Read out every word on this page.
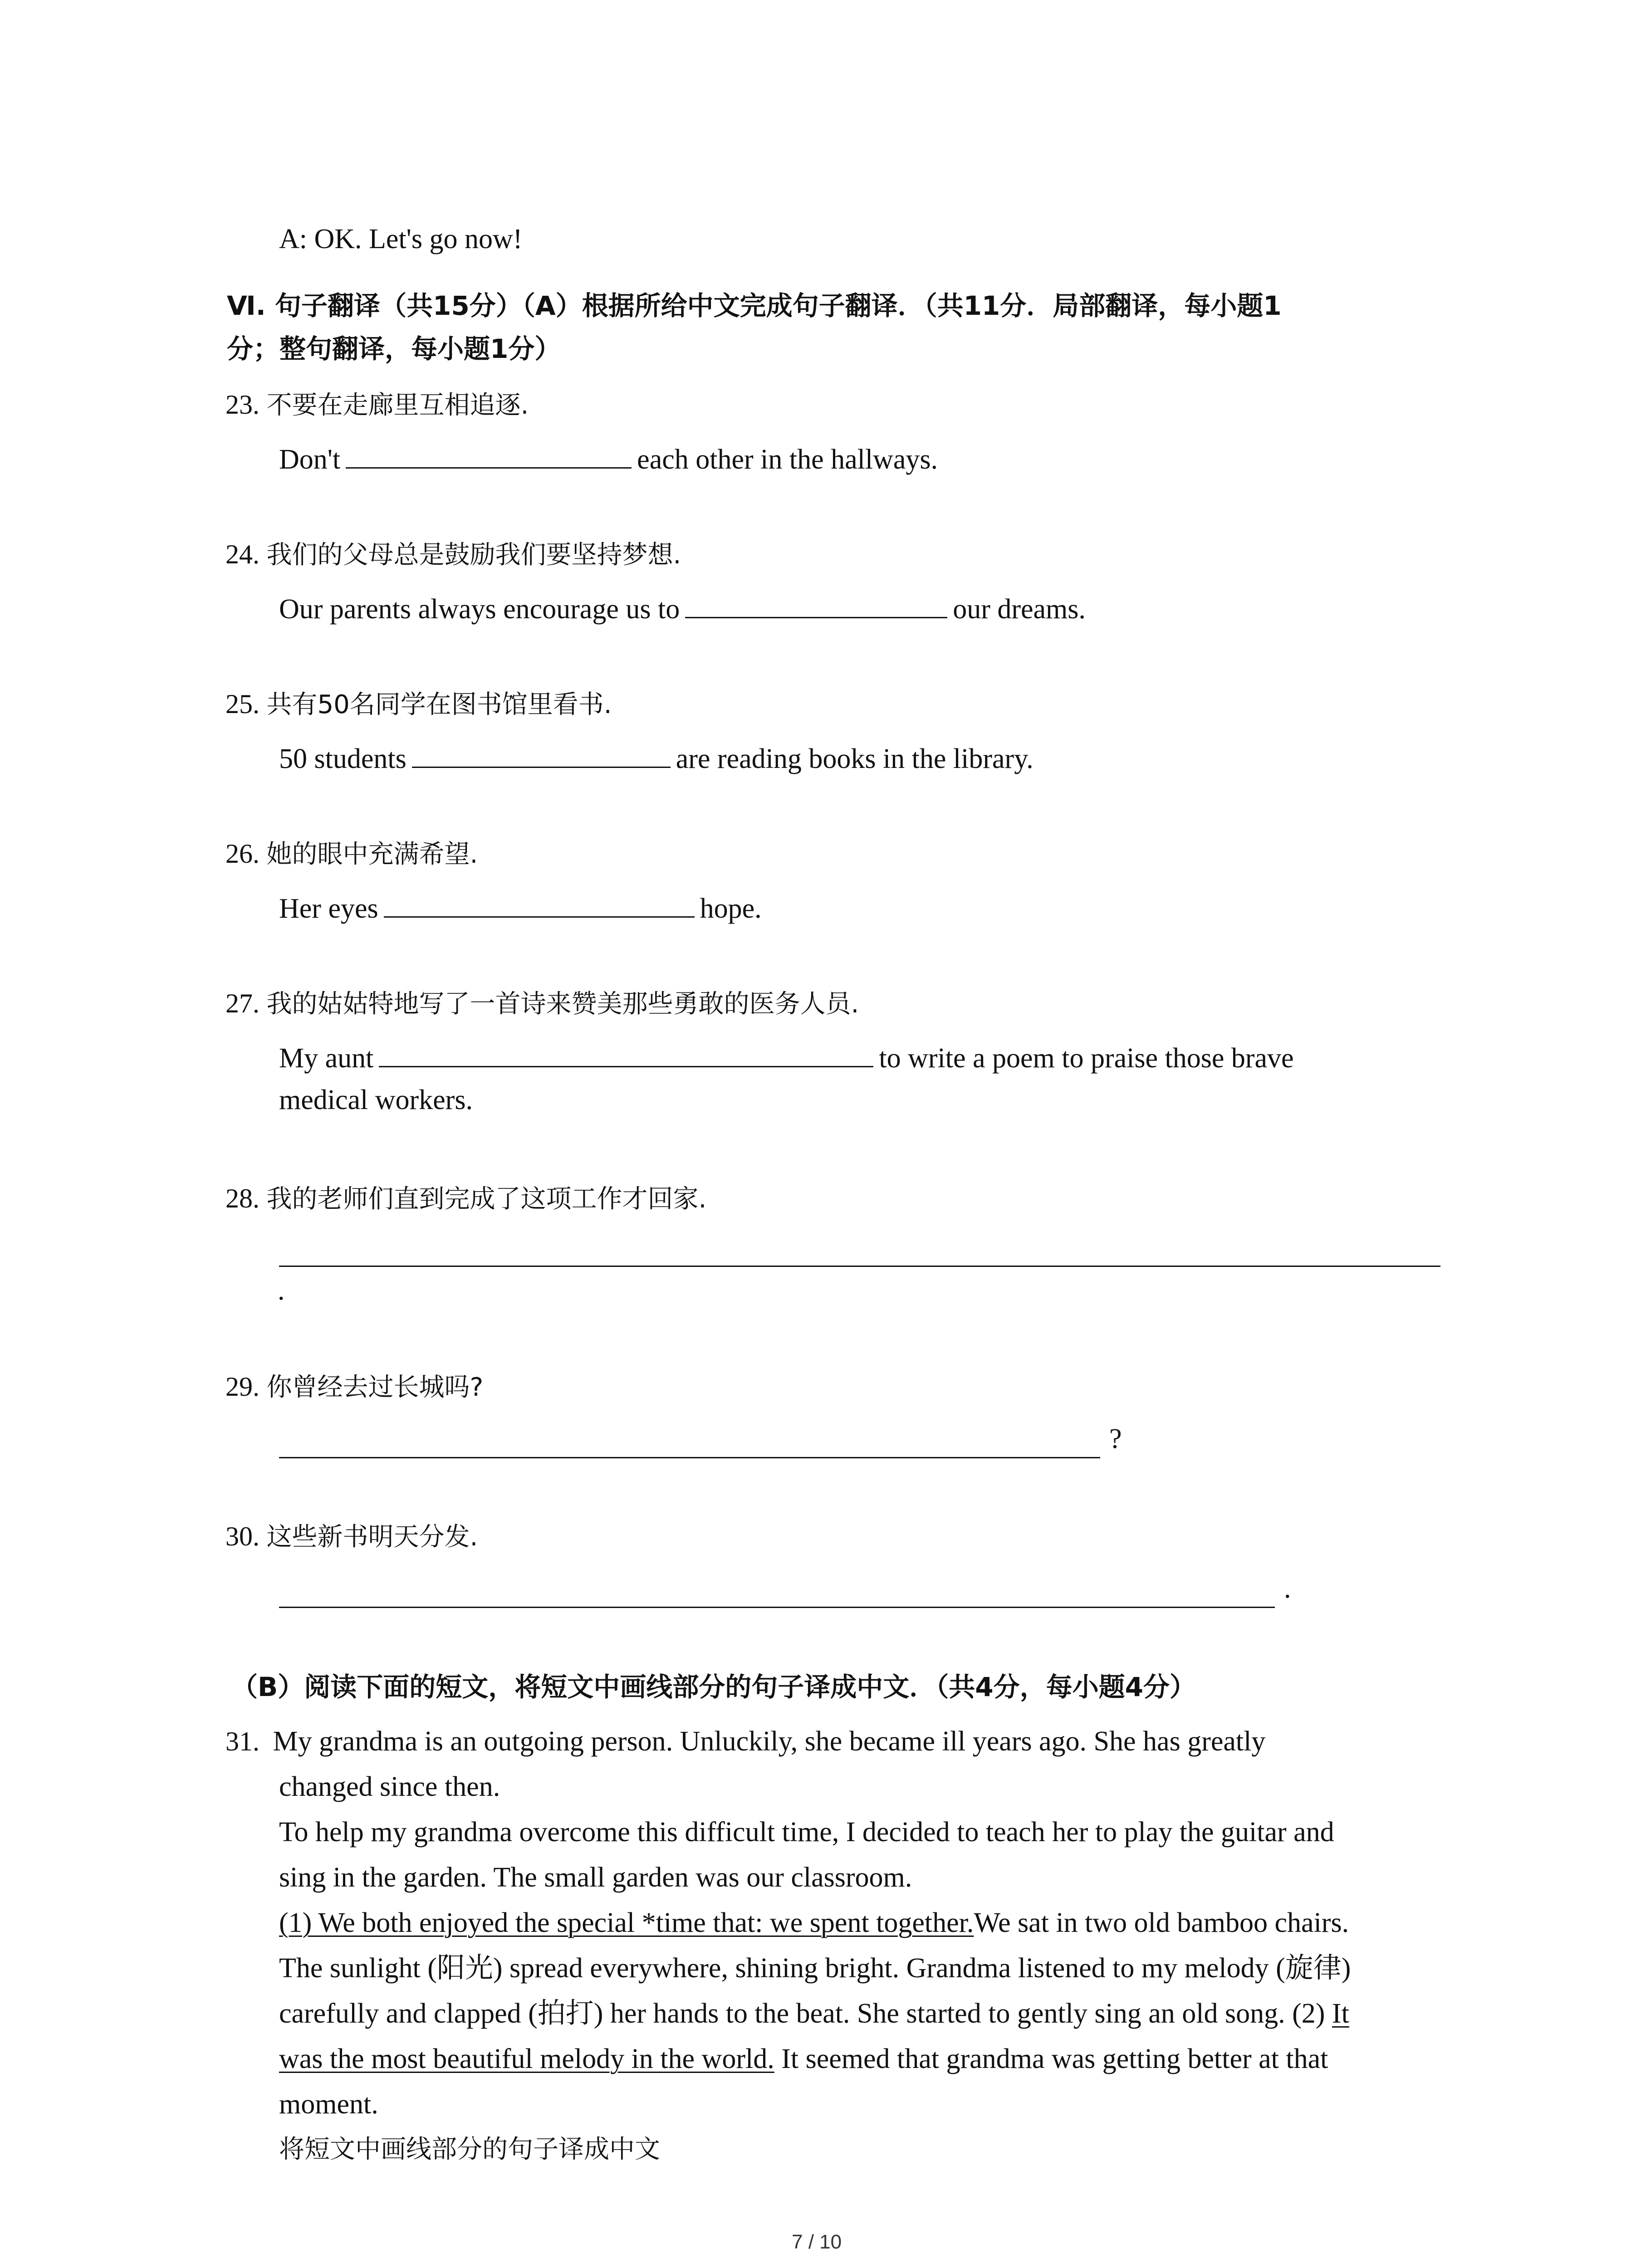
A: OK. Let's go now!
Ⅵ. 句子翻译（共15分）（A）根据所给中文完成句子翻译．（共11分．局部翻译，每小题1
分；整句翻译，每小题1分）
23. 不要在走廊里互相追逐.
Don't	each other in the hallways.
24. 我们的父母总是鼓励我们要坚持梦想.
Our parents always encourage us to	our dreams.
25. 共有50名同学在图书馆里看书.
50 students	are reading books in the library.
26. 她的眼中充满希望.
Her eyes	hope.
27. 我的姑姑特地写了一首诗来赞美那些勇敢的医务人员.
My aunt	to write a poem to praise those brave
medical workers.
28. 我的老师们直到完成了这项工作才回家.
.
29. 你曾经去过长城吗?
?
30. 这些新书明天分发.
.
（B）阅读下面的短文，将短文中画线部分的句子译成中文．（共4分，每小题4分）
31. My grandma is an outgoing person. Unluckily, she became ill years ago. She has greatly
changed since then.
To help my grandma overcome this difficult time, I decided to teach her to play the guitar and
sing in the garden. The small garden was our classroom.
(1) We both enjoyed the special *time that: we spent together.We sat in two old bamboo chairs.
The sunlight (阳光) spread everywhere, shining bright. Grandma listened to my melody (旋律)
carefully and clapped (拍打) her hands to the beat. She started to gently sing an old song. (2) It
was the most beautiful melody in the world. It seemed that grandma was getting better at that
moment.
将短文中画线部分的句子译成中文
7 / 10
